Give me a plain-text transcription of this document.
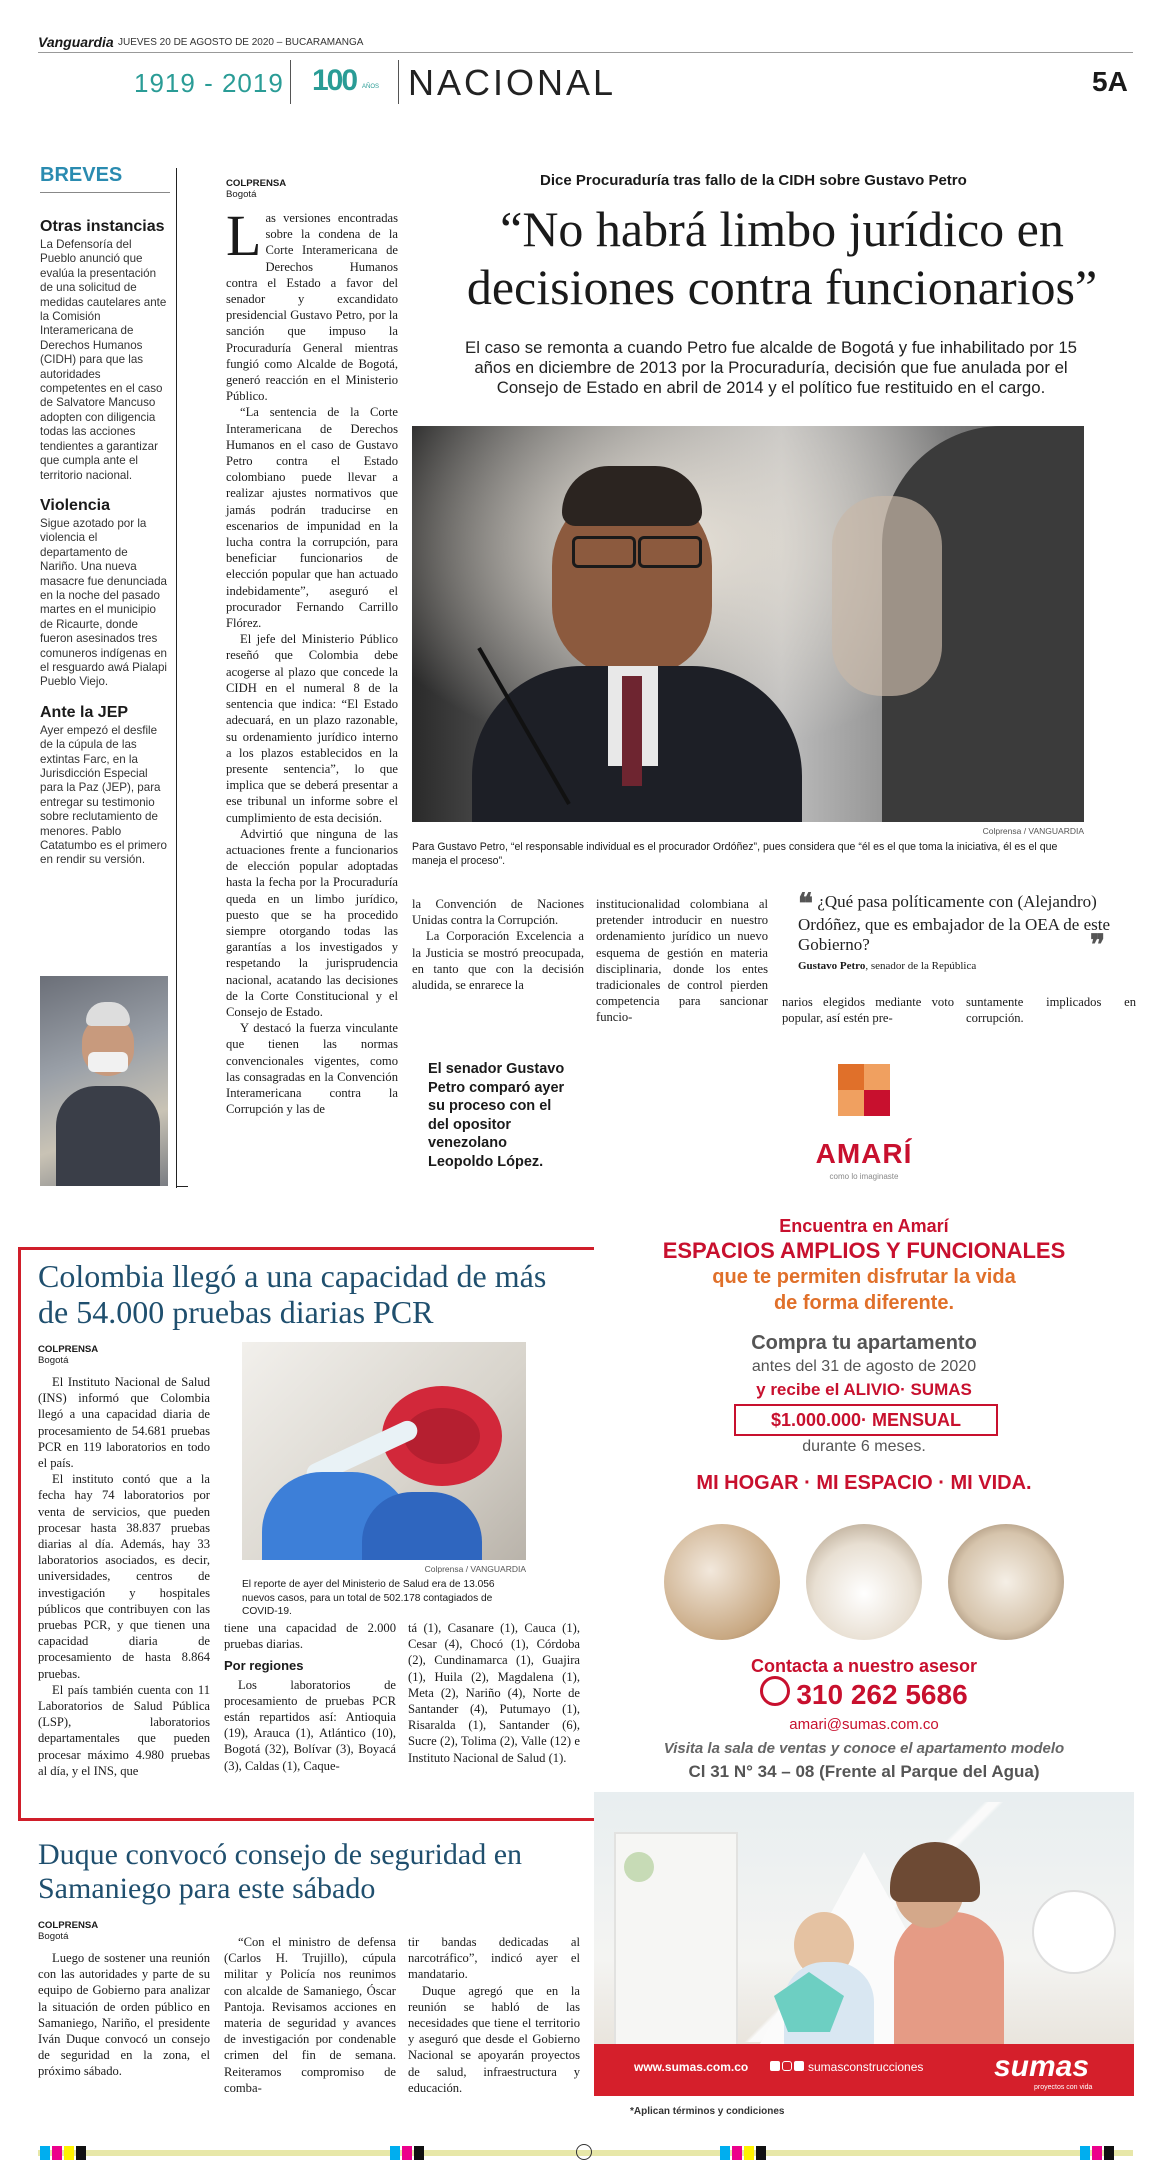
Vanguardia JUEVES 20 DE AGOSTO DE 2020 – BUCARAMANGA
1919 - 2019 100 AÑOS NACIONAL	5A
BREVES
Otras instancias

La Defensoría del Pueblo anunció que evalúa la presentación de una solicitud de medidas cautelares ante la Comisión Interamericana de Derechos Humanos (CIDH) para que las autoridades competentes en el caso de Salvatore Mancuso adopten con diligencia todas las acciones tendientes a garantizar que cumpla ante el territorio nacional.

Violencia

Sigue azotado por la violencia el departamento de Nariño. Una nueva masacre fue denunciada en la noche del pasado martes en el municipio de Ricaurte, donde fueron asesinados tres comuneros indígenas en el resguardo awá Pialapi Pueblo Viejo.

Ante la JEP

Ayer empezó el desfile de la cúpula de las extintas Farc, en la Jurisdicción Especial para la Paz (JEP), para entregar su testimonio sobre reclutamiento de menores. Pablo Catatumbo es el primero en rendir su versión.

COLPRENSA
Bogotá
Dice Procuraduría tras fallo de la CIDH sobre Gustavo Petro
“No habrá limbo jurídico en
decisiones contra funcionarios”
El caso se remonta a cuando Petro fue alcalde de Bogotá y fue inhabilitado por 15 años en diciembre de 2013 por la Procuraduría, decisión que fue anulada por el Consejo de Estado en abril de 2014 y el político fue restituido en el cargo.

Las versiones encontradas sobre la condena de la Corte Interamericana de Derechos Humanos contra el Estado a favor del senador y excandidato presidencial Gustavo Petro, por la sanción que impuso la Procuraduría General mientras fungió como Alcalde de Bogotá, generó reacción en el Ministerio Público.

“La sentencia de la Corte Interamericana de Derechos Humanos en el caso de Gustavo Petro contra el Estado colombiano puede llevar a realizar ajustes normativos que jamás podrán traducirse en escenarios de impunidad en la lucha contra la corrupción, para beneficiar funcionarios de elección popular que han actuado indebidamente”, aseguró el procurador Fernando Carrillo Flórez.

El jefe del Ministerio Público reseñó que Colombia debe acogerse al plazo que concede la CIDH en el numeral 8 de la sentencia que indica: “El Estado adecuará, en un plazo razonable, su ordenamiento jurídico interno a los plazos establecidos en la presente sentencia”, lo que implica que se deberá presentar a ese tribunal un informe sobre el cumplimiento de esta decisión.

Advirtió que ninguna de las actuaciones frente a funcionarios de elección popular adoptadas hasta la fecha por la Procuraduría queda en un limbo jurídico, puesto que se ha procedido siempre otorgando todas las garantías a los investigados y respetando la jurisprudencia nacional, acatando las decisiones de la Corte Constitucional y el Consejo de Estado.

Y destacó la fuerza vinculante que tienen las normas convencionales vigentes, como las consagradas en la Convención Interamericana contra la Corrupción y las de

Colprensa / VANGUARDIA
Para Gustavo Petro, “el responsable individual es el procurador Ordóñez”, pues considera que “él es el que toma la iniciativa, él es el que maneja el proceso”.

la Convención de Naciones Unidas contra la Corrupción.

La Corporación Excelencia a la Justicia se mostró preocupada, en tanto que con la decisión aludida, se enrarece la

institucionalidad colombiana al pretender introducir en nuestro ordenamiento jurídico un nuevo esquema de gestión en materia disciplinaria, donde los entes tradicionales de control pierden competencia para sancionar funcio-

❝ ¿Qué pasa políticamente con (Alejandro) Ordóñez, que es embajador de la OEA de este Gobierno?
Gustavo Petro, senador de la República
❞

narios elegidos mediante voto popular, así estén pre-

suntamente implicados en corrupción.

El senador Gustavo Petro comparó ayer su proceso con el del opositor venezolano Leopoldo López.
Colombia llegó a una capacidad de más de 54.000 pruebas diarias PCR
COLPRENSA
Bogotá

El Instituto Nacional de Salud (INS) informó que Colombia llegó a una capacidad diaria de procesamiento de 54.681 pruebas PCR en 119 laboratorios en todo el país.

El instituto contó que a la fecha hay 74 laboratorios por venta de servicios, que pueden procesar hasta 38.837 pruebas diarias al día. Además, hay 33 laboratorios asociados, es decir, universidades, centros de investigación y hospitales públicos que contribuyen con las pruebas PCR, y que tienen una capacidad diaria de procesamiento de hasta 8.864 pruebas.

El país también cuenta con 11 Laboratorios de Salud Pública (LSP), laboratorios departamentales que pueden procesar máximo 4.980 pruebas al día, y el INS, que

Colprensa / VANGUARDIA
El reporte de ayer del Ministerio de Salud era de 13.056 nuevos casos, para un total de 502.178 contagiados de COVID-19.

tiene una capacidad de 2.000 pruebas diarias.

Por regiones

Los laboratorios de procesamiento de pruebas PCR están repartidos así: Antioquia (19), Arauca (1), Atlántico (10), Bogotá (32), Bolívar (3), Boyacá (3), Caldas (1), Caque-

tá (1), Casanare (1), Cauca (1), Cesar (4), Chocó (1), Córdoba (2), Cundinamarca (1), Guajira (1), Huila (2), Magdalena (1), Meta (2), Nariño (4), Norte de Santander (4), Putumayo (1), Risaralda (1), Santander (6), Sucre (2), Tolima (2), Valle (12) e Instituto Nacional de Salud (1).

Duque convocó consejo de seguridad en Samaniego para este sábado
COLPRENSA
Bogotá

Luego de sostener una reunión con las autoridades y parte de su equipo de Gobierno para analizar la situación de orden público en Samaniego, Nariño, el presidente Iván Duque convocó un consejo de seguridad en la zona, el próximo sábado.

“Con el ministro de defensa (Carlos H. Trujillo), cúpula militar y Policía nos reunimos con alcalde de Samaniego, Óscar Pantoja. Revisamos acciones en materia de seguridad y avances de investigación por condenable crimen del fin de semana. Reiteramos compromiso de comba-

tir bandas dedicadas al narcotráfico”, indicó ayer el mandatario.

Duque agregó que en la reunión se habló de las necesidades que tiene el territorio y aseguró que desde el Gobierno Nacional se apoyarán proyectos de salud, infraestructura y educación.

AMARÍ
como lo imaginaste
Encuentra en Amarí
ESPACIOS AMPLIOS Y FUNCIONALES
que te permiten disfrutar la vida
de forma diferente.
Compra tu apartamento
antes del 31 de agosto de 2020
y recibe el ALIVIO· SUMAS
$1.000.000· MENSUAL
durante 6 meses.
MI HOGAR · MI ESPACIO · MI VIDA.
Contacta a nuestro asesor
310 262 5686
amari@sumas.com.co
Visita la sala de ventas y conoce el apartamento modelo
Cl 31 N° 34 – 08 (Frente al Parque del Agua)
www.sumas.com.co	sumasconstrucciones sumas
proyectos con vida
*Aplican términos y condiciones
